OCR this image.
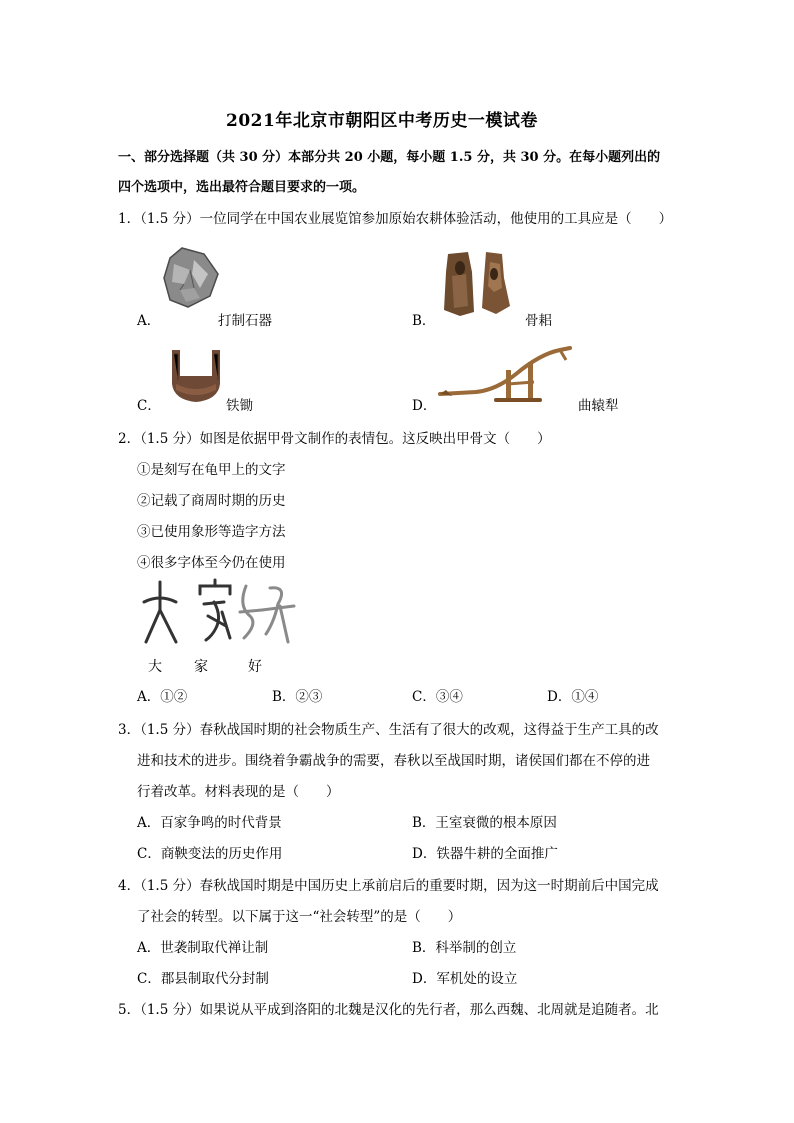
2021年北京市朝阳区中考历史一模试卷
一、部分选择题（共 30 分）本部分共 20 小题，每小题 1.5 分，共 30 分。在每小题列出的
四个选项中，选出最符合题目要求的一项。
1．（1.5 分）一位同学在中国农业展览馆参加原始农耕体验活动，他使用的工具应是（　　）
A．	打制石器	B．	骨耜
C．	铁锄	D．	曲辕犁
2．（1.5 分）如图是依据甲骨文制作的表情包。这反映出甲骨文（　　）
①是刻写在龟甲上的文字
②记载了商周时期的历史
③已使用象形等造字方法
④很多字体至今仍在使用
大 家	好
A．①②	B．②③	C．③④	D．①④
3．（1.5 分）春秋战国时期的社会物质生产、生活有了很大的改观，这得益于生产工具的改
进和技术的进步。围绕着争霸战争的需要，春秋以至战国时期，诸侯国们都在不停的进
行着改革。材料表现的是（　　）
A．百家争鸣的时代背景	B．王室衰微的根本原因
C．商鞅变法的历史作用	D．铁器牛耕的全面推广
4．（1.5 分）春秋战国时期是中国历史上承前启后的重要时期，因为这一时期前后中国完成
了社会的转型。以下属于这一“社会转型”的是（　　）
A．世袭制取代禅让制	B．科举制的创立
C．郡县制取代分封制	D．军机处的设立
5．（1.5 分）如果说从平成到洛阳的北魏是汉化的先行者，那么西魏、北周就是追随者。北
